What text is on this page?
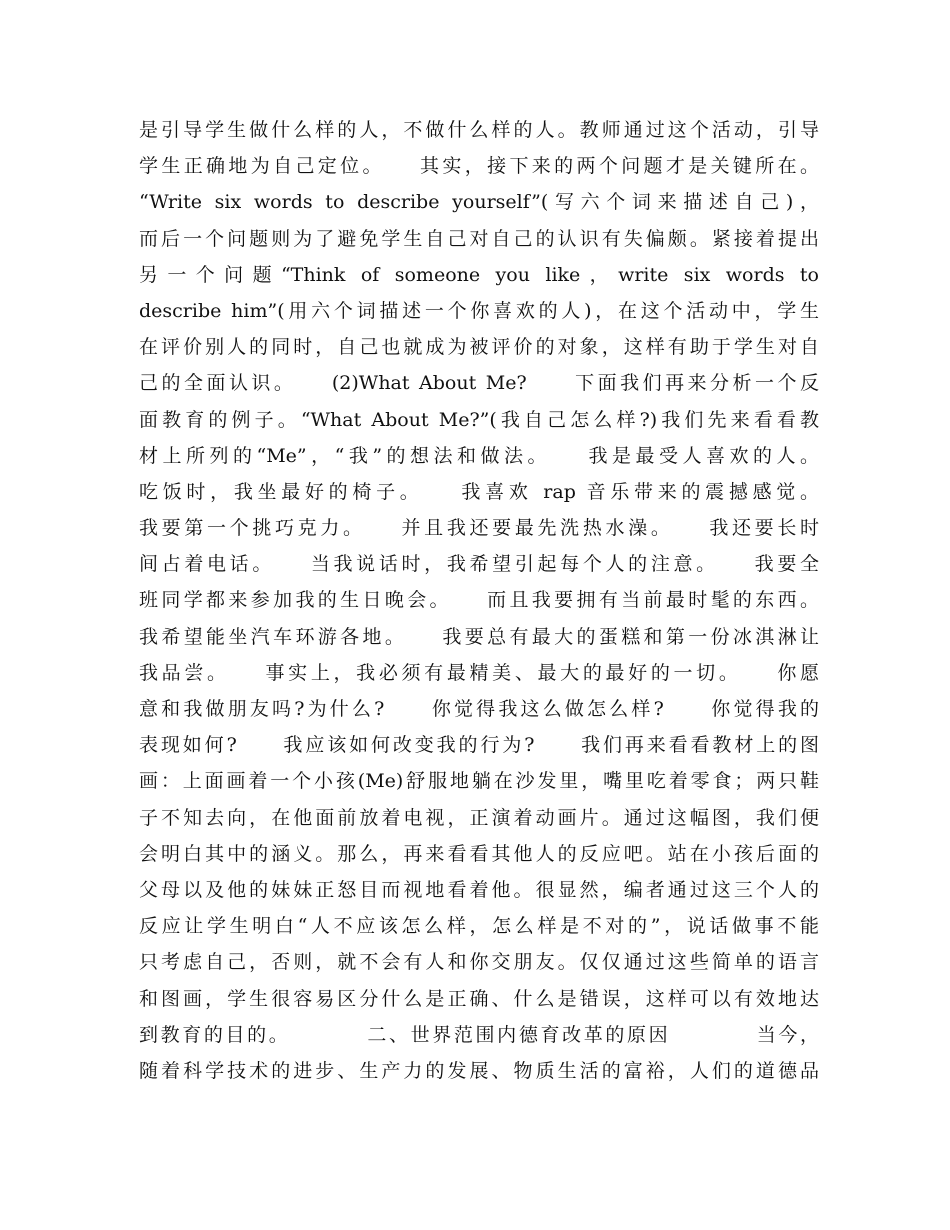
是引导学生做什么样的人，不做什么样的人。教师通过这个活动，引导
学生正确地为自己定位。　　其实，接下来的两个问题才是关键所在。
“Write six words to describe yourself”(写六个词来描述自己)，
而后一个问题则为了避免学生自己对自己的认识有失偏颇。紧接着提出
另一个问题“Think of someone you like，write six words to
describe him”(用六个词描述一个你喜欢的人)，在这个活动中，学生
在评价别人的同时，自己也就成为被评价的对象，这样有助于学生对自
己的全面认识。　　(2)What About Me?　　下面我们再来分析一个反
面教育的例子。“What About Me?”(我自己怎么样?)我们先来看看教
材上所列的“Me”，“我”的想法和做法。　　我是最受人喜欢的人。
吃饭时，我坐最好的椅子。　　我喜欢 rap 音乐带来的震撼感觉。
我要第一个挑巧克力。　　并且我还要最先洗热水澡。　　我还要长时
间占着电话。　　当我说话时，我希望引起每个人的注意。　　我要全
班同学都来参加我的生日晚会。　　而且我要拥有当前最时髦的东西。
我希望能坐汽车环游各地。　　我要总有最大的蛋糕和第一份冰淇淋让
我品尝。　　事实上，我必须有最精美、最大的最好的一切。　　你愿
意和我做朋友吗?为什么?　　你觉得我这么做怎么样?　　你觉得我的
表现如何?　　我应该如何改变我的行为?　　我们再来看看教材上的图
画：上面画着一个小孩(Me)舒服地躺在沙发里，嘴里吃着零食；两只鞋
子不知去向，在他面前放着电视，正演着动画片。通过这幅图，我们便
会明白其中的涵义。那么，再来看看其他人的反应吧。站在小孩后面的
父母以及他的妹妹正怒目而视地看着他。很显然，编者通过这三个人的
反应让学生明白“人不应该怎么样，怎么样是不对的”，说话做事不能
只考虑自己，否则，就不会有人和你交朋友。仅仅通过这些简单的语言
和图画，学生很容易区分什么是正确、什么是错误，这样可以有效地达
到教育的目的。　　　　二、世界范围内德育改革的原因　　　　当今，
随着科学技术的进步、生产力的发展、物质生活的富裕，人们的道德品
